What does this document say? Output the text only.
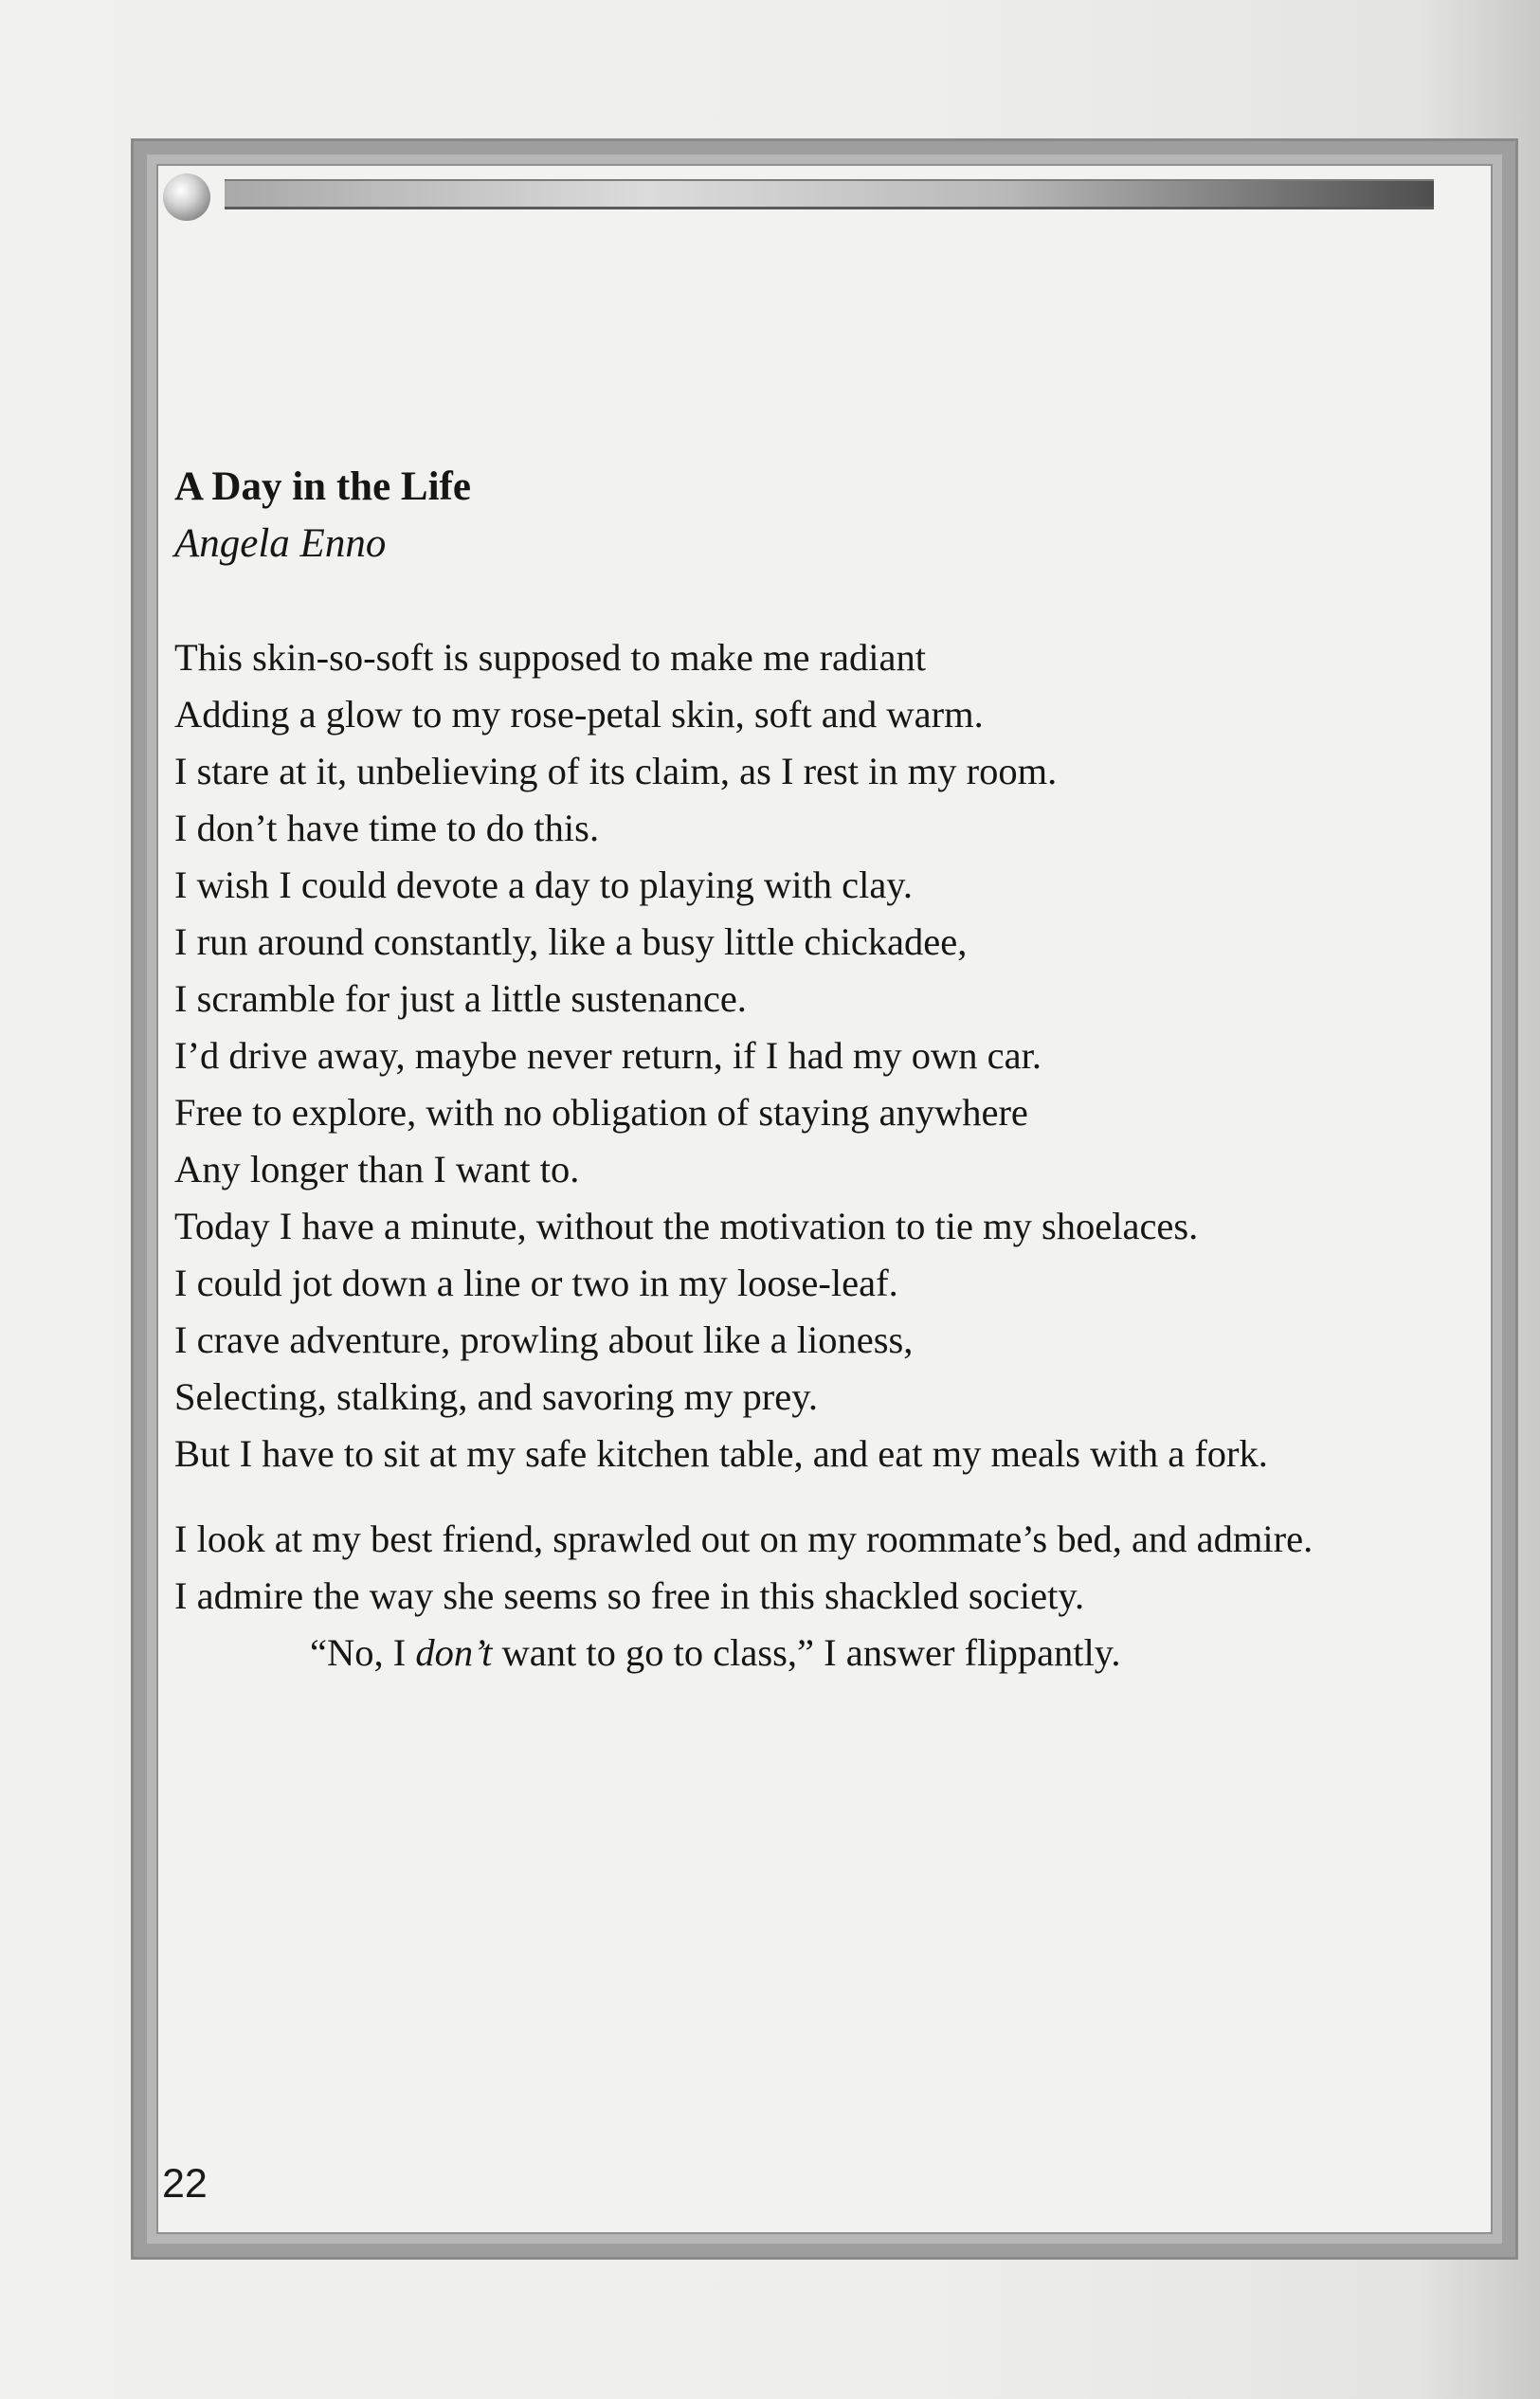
A Day in the Life

Angela Enno

This skin-so-soft is supposed to make me radiant
Adding a glow to my rose-petal skin, soft and warm.
I stare at it, unbelieving of its claim, as I rest in my room.
I don’t have time to do this.
I wish I could devote a day to playing with clay.
I run around constantly, like a busy little chickadee,
I scramble for just a little sustenance.
I’d drive away, maybe never return, if I had my own car.
Free to explore, with no obligation of staying anywhere
Any longer than I want to.
Today I have a minute, without the motivation to tie my shoelaces.
I could jot down a line or two in my loose-leaf.
I crave adventure, prowling about like a lioness,
Selecting, stalking, and savoring my prey.
But I have to sit at my safe kitchen table, and eat my meals with a fork.
I look at my best friend, sprawled out on my roommate’s bed, and admire.
I admire the way she seems so free in this shackled society.
“No, I don’t want to go to class,” I answer flippantly.
22
